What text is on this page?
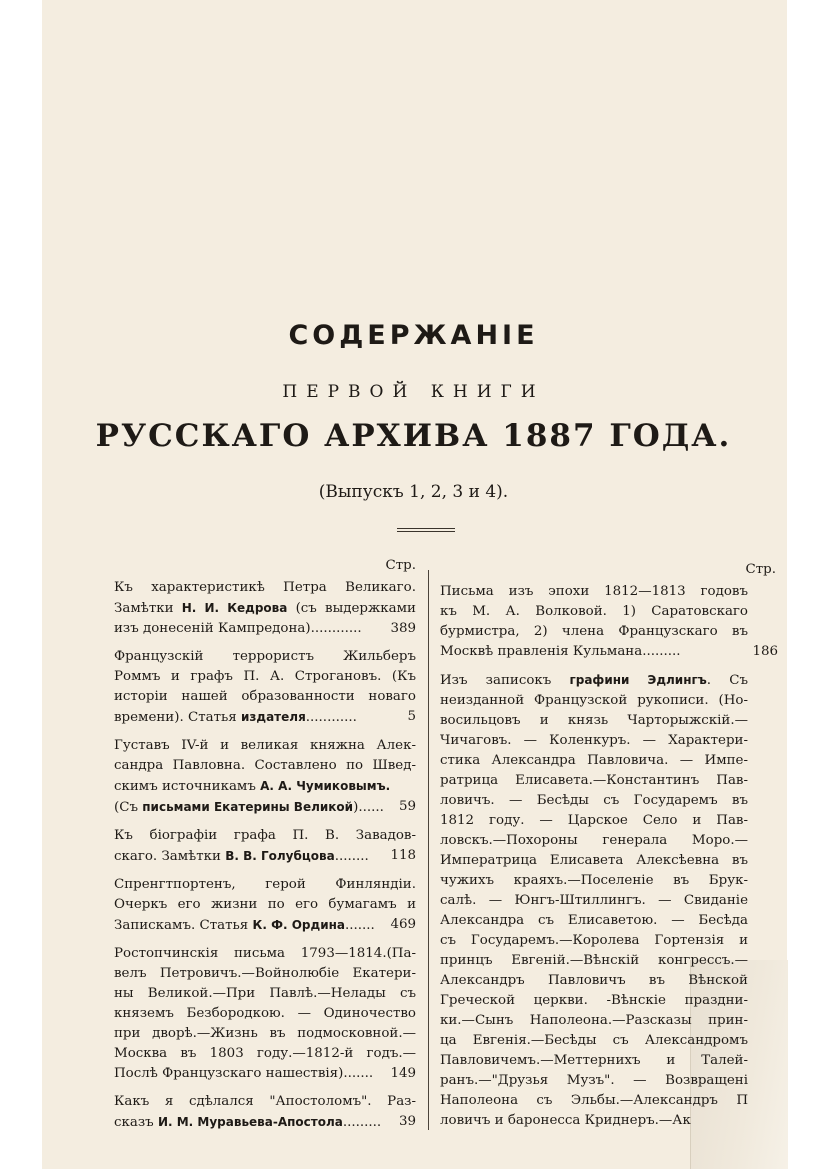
СОДЕРЖАНІЕ
ПЕРВОЙ КНИГИ
РУССКАГО АРХИВА 1887 ГОДА.
(Выпускъ 1, 2, 3 и 4).
Стр.
Къ характеристикѣ Петра Великаго.
Замѣтки Н. И. Кедрова (съ выдержками
изъ донесеній Кампредона)............ 389
Французскій террористъ Жильберъ
Роммъ и графъ П. А. Строгановъ. (Къ
исторіи нашей образованности новаго
времени). Статья издателя............	5
Густавъ IV-й и великая княжна Алек-
сандра Павловна. Составлено по Швед-
скимъ источникамъ А. А. Чумиковымъ.
(Съ письмами Екатерины Великой)...... 59
Къ біографіи графа П. В. Завадов-
скаго. Замѣтки В. В. Голубцова........ 118
Спренгтпортенъ, герой Финляндіи.
Очеркъ его жизни по его бумагамъ и
Запискамъ. Статья К. Ф. Ордина....... 469
Ростопчинскія письма 1793—1814.(Па-
велъ Петровичъ.—Войнолюбіе Екатери-
ны Великой.—При Павлѣ.—Нелады съ
княземъ Безбородкою. — Одиночество
при дворѣ.—Жизнь въ подмосковной.—
Москва въ 1803 году.—1812-й годъ.—
Послѣ Французскаго нашествія)....... 149
Какъ я сдѣлался "Апостоломъ". Раз-
сказъ И. М. Муравьева-Апостола......... 39
Стр.
Письма изъ эпохи 1812—1813 годовъ
къ М. А. Волковой. 1) Саратовскаго
бурмистра, 2) члена Французскаго въ
Москвѣ правленія Кульмана.........	186
Изъ записокъ графини Эдлингъ. Съ
неизданной Французской рукописи. (Но-
восильцовъ и князь Чарторыжскій.—
Чичаговъ. — Коленкуръ. — Характери-
стика Александра Павловича. — Импе-
ратрица Елисавета.—Константинъ Пав-
ловичъ. — Бесѣды съ Государемъ въ
1812 году. — Царское Село и Пав-
ловскъ.—Похороны генерала Моро.—
Императрица Елисавета Алексѣевна въ
чужихъ краяхъ.—Поселеніе въ Брук-
салѣ. — Юнгъ-Штиллингъ. — Свиданіе
Александра съ Елисаветою. — Бесѣда
съ Государемъ.—Королева Гортензія и
принцъ Евгеній.—Вѣнскій конгрессъ.—
Александръ Павловичъ въ Вѣнской
Греческой церкви. -Вѣнскіе праздни-
ки.—Сынъ Наполеона.—Разсказы прин-
ца Евгенія.—Бесѣды съ Александромъ
Павловичемъ.—Меттернихъ и Талей-
ранъ.—"Друзья Музъ". — Возвращені
Наполеона съ Эльбы.—Александръ П
ловичъ и баронесса Криднеръ.—Ак
